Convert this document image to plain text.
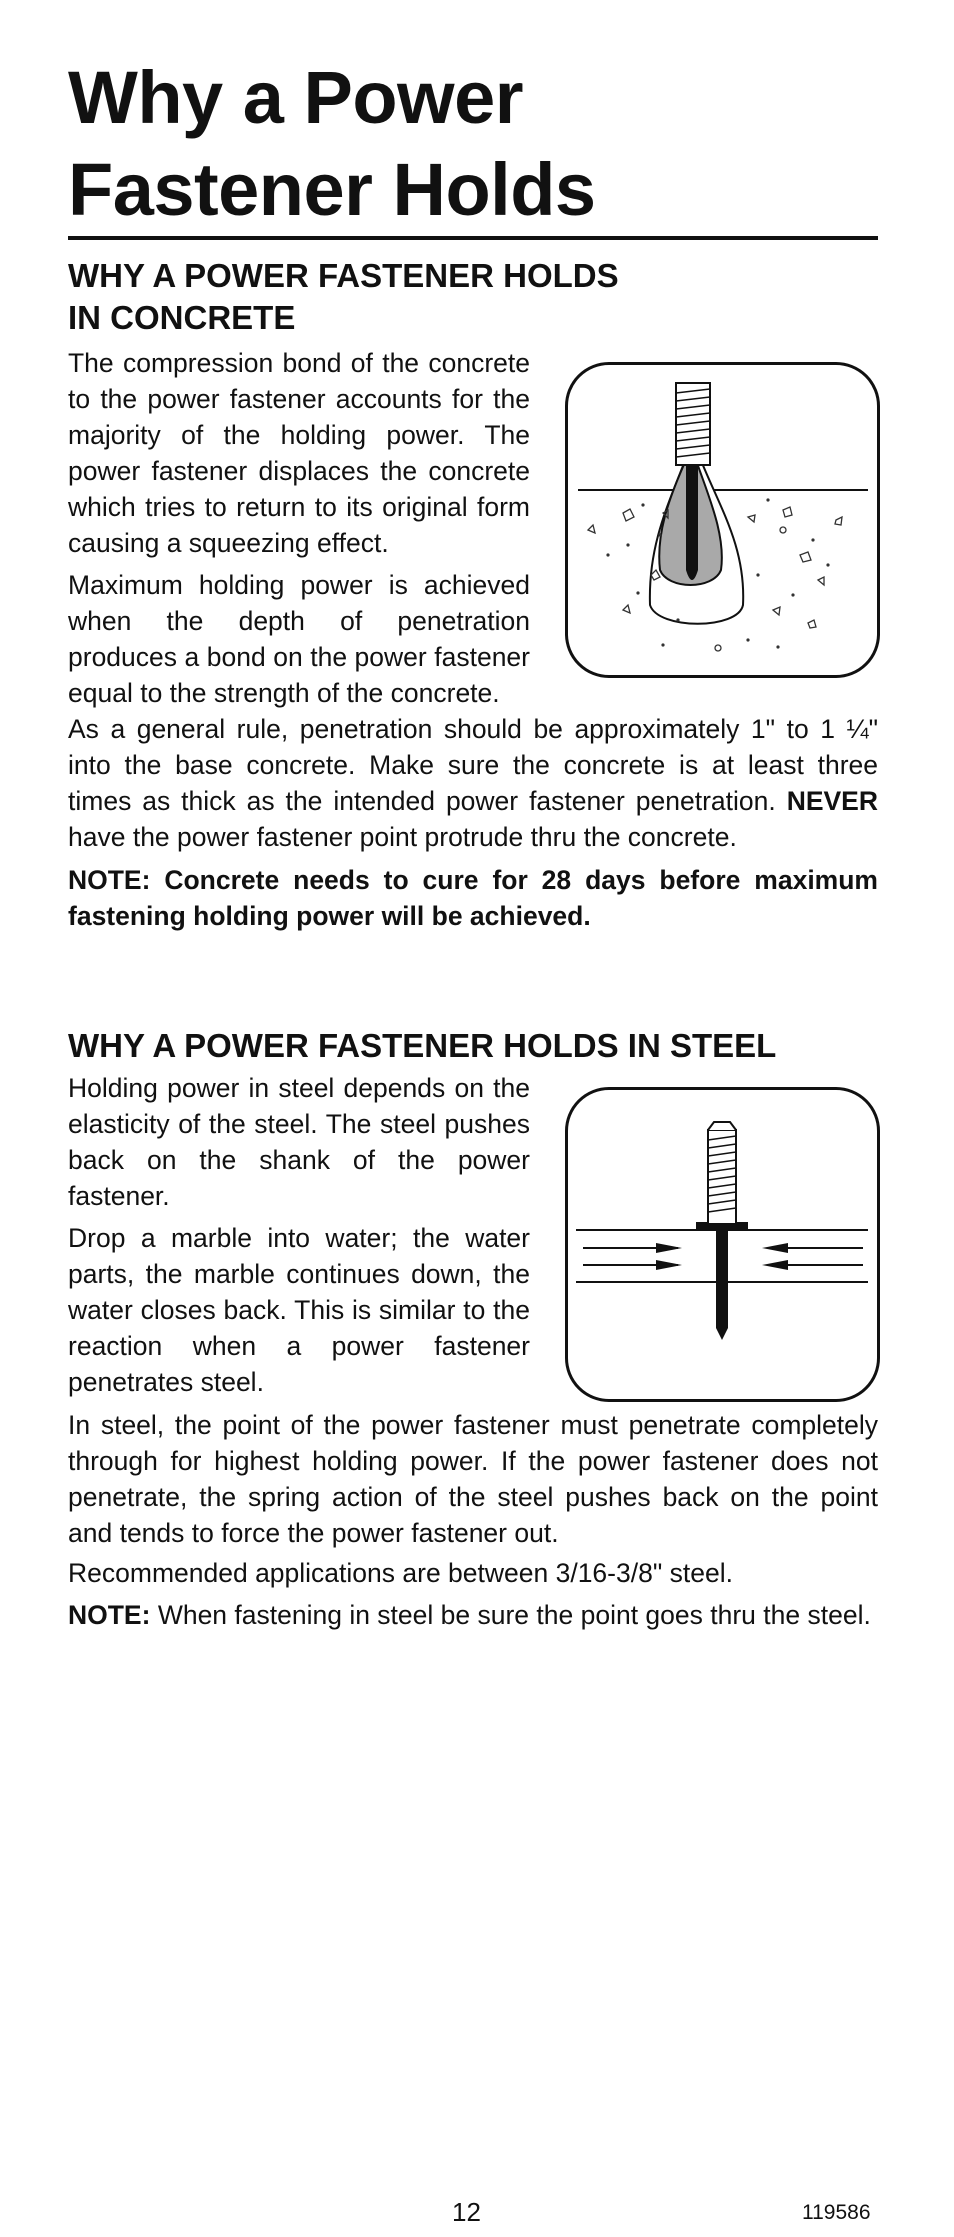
Why a Power
Fastener Holds
WHY A POWER FASTENER HOLDS
IN CONCRETE

The compression bond of the concrete to the power fastener accounts for the majority of the holding power. The power fastener displaces the concrete which tries to return to its original form causing a squeezing effect.

Maximum holding power is achieved when the depth of penetration produces a bond on the power fastener equal to the strength of the concrete.

As a general rule, penetration should be approximately 1" to 1 ¼" into the base concrete. Make sure the concrete is at least three times as thick as the intended power fastener penetration. NEVER have the power fastener point protrude thru the concrete.

NOTE: Concrete needs to cure for 28 days before maximum fastening holding power will be achieved.

WHY A POWER FASTENER HOLDS IN STEEL

Holding power in steel depends on the elasticity of the steel. The steel pushes back on the shank of the power fastener.

Drop a marble into water; the water parts, the marble continues down, the water closes back. This is similar to the reaction when a power fastener penetrates steel.

In steel, the point of the power fastener must penetrate completely through for highest holding power. If the power fastener does not penetrate, the spring action of the steel pushes back on the point and tends to force the power fastener out.

Recommended applications are between 3/16-3/8" steel.

NOTE: When fastening in steel be sure the point goes thru the steel.

12	119586
